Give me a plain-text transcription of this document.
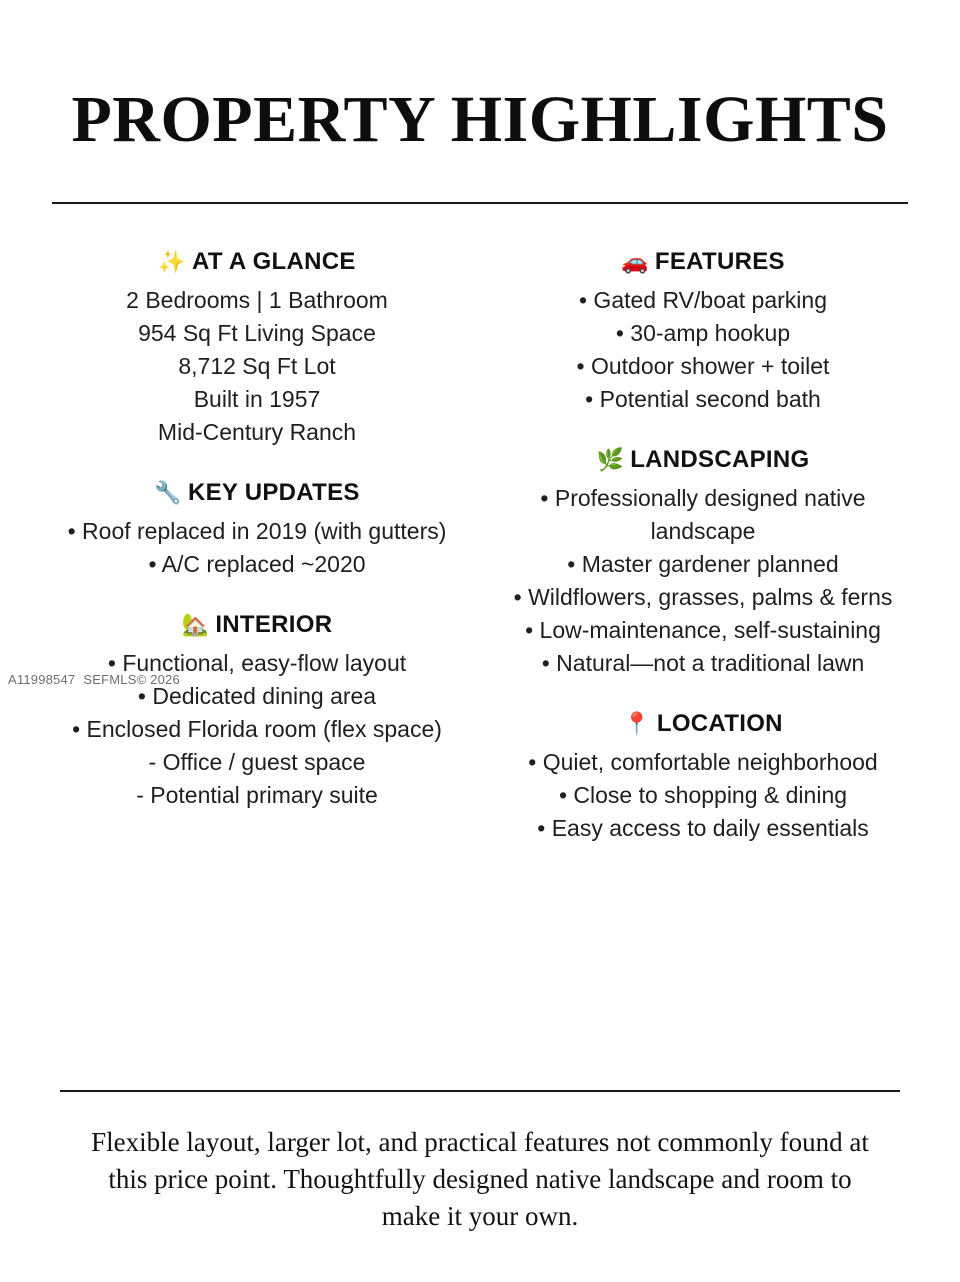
PROPERTY HIGHLIGHTS
✨ AT A GLANCE
2 Bedrooms | 1 Bathroom
954 Sq Ft Living Space
8,712 Sq Ft Lot
Built in 1957
Mid-Century Ranch
🔧 KEY UPDATES
• Roof replaced in 2019 (with gutters)
• A/C replaced ~2020
🏡 INTERIOR
• Functional, easy-flow layout
• Dedicated dining area
• Enclosed Florida room (flex space)
- Office / guest space
- Potential primary suite
🚗 FEATURES
• Gated RV/boat parking
• 30-amp hookup
• Outdoor shower + toilet
• Potential second bath
🌿 LANDSCAPING
• Professionally designed native landscape
• Master gardener planned
• Wildflowers, grasses, palms & ferns
• Low-maintenance, self-sustaining
• Natural—not a traditional lawn
📍 LOCATION
• Quiet, comfortable neighborhood
• Close to shopping & dining
• Easy access to daily essentials
Flexible layout, larger lot, and practical features not commonly found at this price point. Thoughtfully designed native landscape and room to make it your own.
A11998547 SEFMLS© 2026
